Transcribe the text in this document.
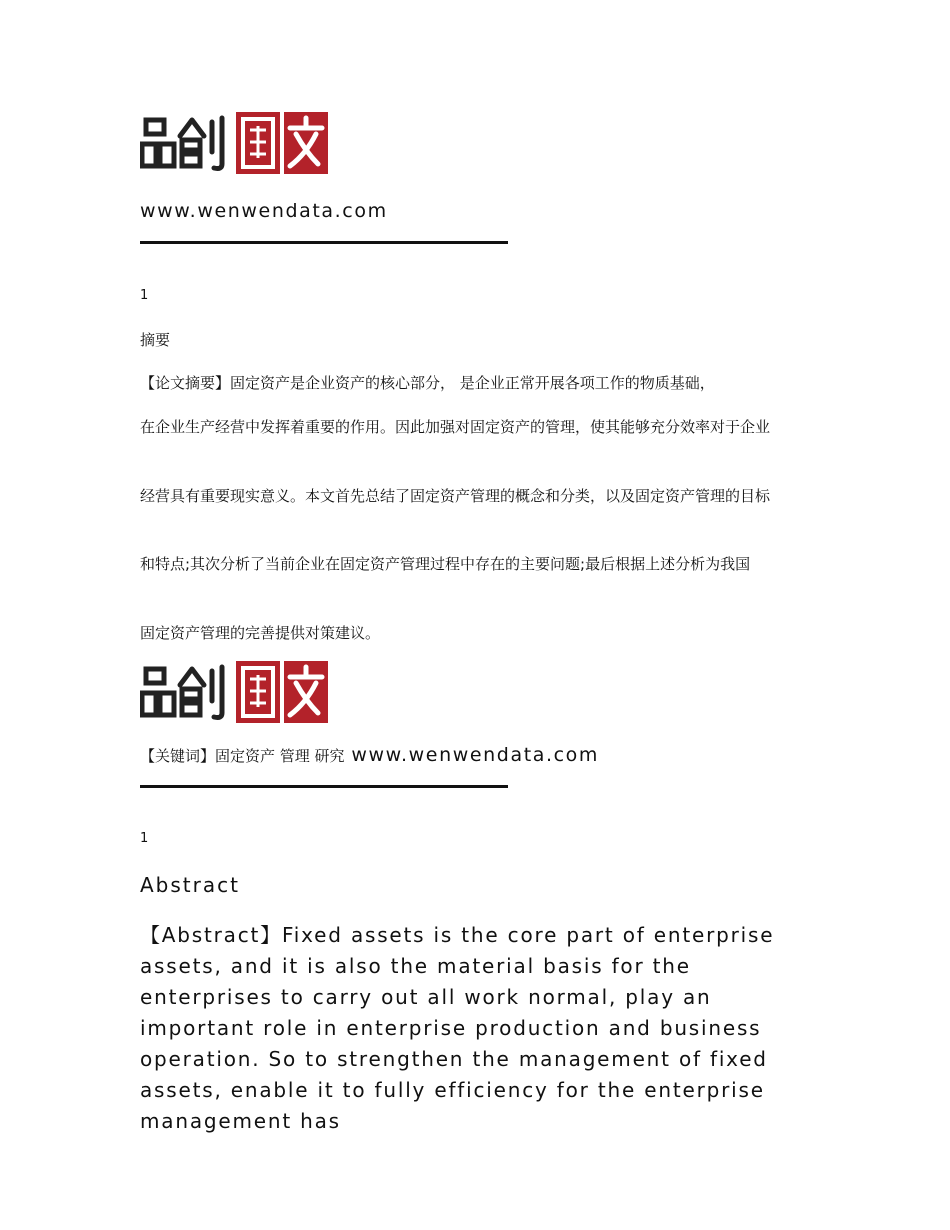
www.wenwendata.com
1
摘要
【论文摘要】固定资产是企业资产的核心部分， 是企业正常开展各项工作的物质基础，
在企业生产经营中发挥着重要的作用。因此加强对固定资产的管理，使其能够充分效率对于企业
经营具有重要现实意义。本文首先总结了固定资产管理的概念和分类，以及固定资产管理的目标
和特点;其次分析了当前企业在固定资产管理过程中存在的主要问题;最后根据上述分析为我国
固定资产管理的完善提供对策建议。
【关键词】固定资产 管理 研究 www.wenwendata.com
1
Abstract
【Abstract】Fixed assets is the core part of enterprise assets, and it is also the material basis for the enterprises to carry out all work normal, play an important role in enterprise production and business operation. So to strengthen the management of fixed assets, enable it to fully efficiency for the enterprise management has
